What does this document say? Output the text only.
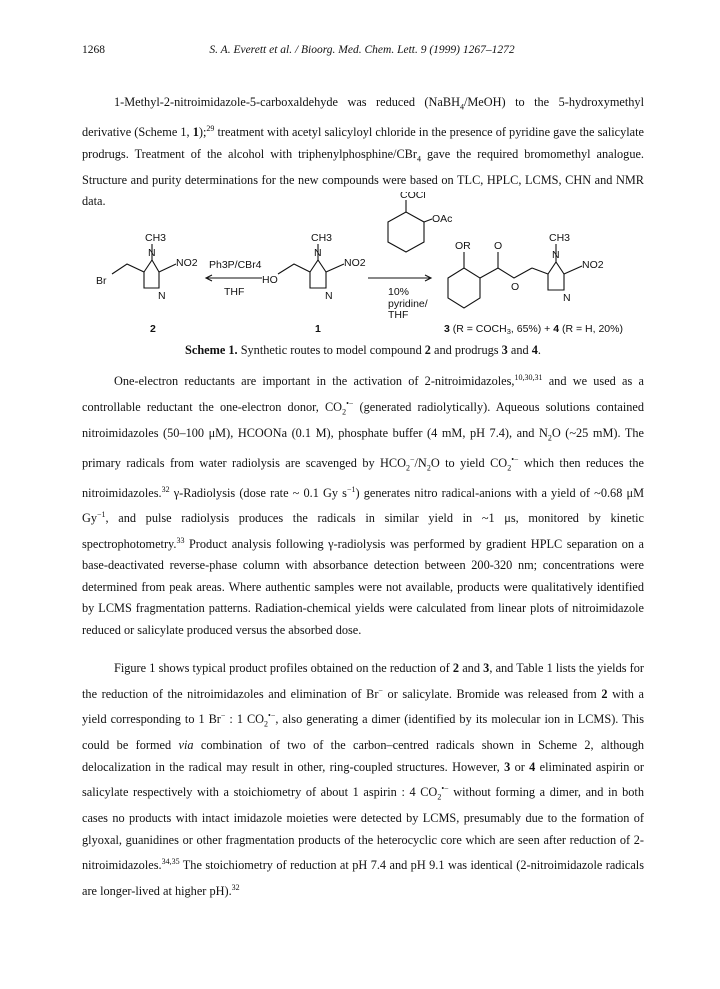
1268	S. A. Everett et al. / Bioorg. Med. Chem. Lett. 9 (1999) 1267–1272

1-Methyl-2-nitroimidazole-5-carboxaldehyde was reduced (NaBH$_4$/MeOH) to the 5-hydroxymethyl derivative (Scheme 1, 1);$^{29}$ treatment with acetyl salicyloyl chloride in the presence of pyridine gave the salicylate prodrugs. Treatment of the alcohol with triphenylphosphine/CBr$_4$ gave the required bromomethyl analogue. Structure and purity determinations for the new compounds were based on TLC, HPLC, LCMS, CHN and NMR data.	COCl
OAc
CH3
N
NO2
N
Br
Ph3P/CBr4
THF
CH3
N
NO2
N
HO
10%
pyridine/
THF
OR O
O
CH3
N
NO2
N
2	1	3 (R = COCH3, 65%) + 4 (R = H, 20%)
Scheme 1. Synthetic routes to model compound 2 and prodrugs 3 and 4.

One-electron reductants are important in the activation of 2-nitroimidazoles,$^{10,30,31}$ and we used as a controllable reductant the one-electron donor, $CO_2^{•-}$ (generated radiolytically). Aqueous solutions contained nitroimidazoles (50–100 μM), HCOONa (0.1 M), phosphate buffer (4 mM, pH 7.4), and $N_2O$ (~25 mM). The primary radicals from water radiolysis are scavenged by $HCO_2^-/N_2O$ to yield $CO_2^{•-}$ which then reduces the nitroimidazoles.$^{32}$ γ-Radiolysis (dose rate ~ 0.1 Gy $s^{-1}$) generates nitro radical-anions with a yield of ~0.68 μM $Gy^{-1}$, and pulse radiolysis produces the radicals in similar yield in ~1 μs, monitored by kinetic spectrophotometry.$^{33}$ Product analysis following γ-radiolysis was performed by gradient HPLC separation on a base-deactivated reverse-phase column with absorbance detection between 200-320 nm; concentrations were determined from peak areas. Where authentic samples were not available, products were qualitatively identified by LCMS fragmentation patterns. Radiation-chemical yields were calculated from linear plots of nitroimidazole reduced or salicylate produced versus the absorbed dose.

Figure 1 shows typical product profiles obtained on the reduction of 2 and 3, and Table 1 lists the yields for the reduction of the nitroimidazoles and elimination of Br− or salicylate. Bromide was released from 2 with a yield corresponding to 1 Br− : 1 $CO_2^{•-}$, also generating a dimer (identified by its molecular ion in LCMS). This could be formed via combination of two of the carbon–centred radicals shown in Scheme 2, although delocalization in the radical may result in other, ring-coupled structures. However, 3 or 4 eliminated aspirin or salicylate respectively with a stoichiometry of about 1 aspirin : 4 $CO_2^{•-}$ without forming a dimer, and in both cases no products with intact imidazole moieties were detected by LCMS, presumably due to the formation of glyoxal, guanidines or other fragmentation products of the heterocyclic core which are seen after reduction of 2-nitroimidazoles.$^{34,35}$ The stoichiometry of reduction at pH 7.4 and pH 9.1 was identical (2-nitroimidazole radicals are longer-lived at higher pH).$^{32}$
